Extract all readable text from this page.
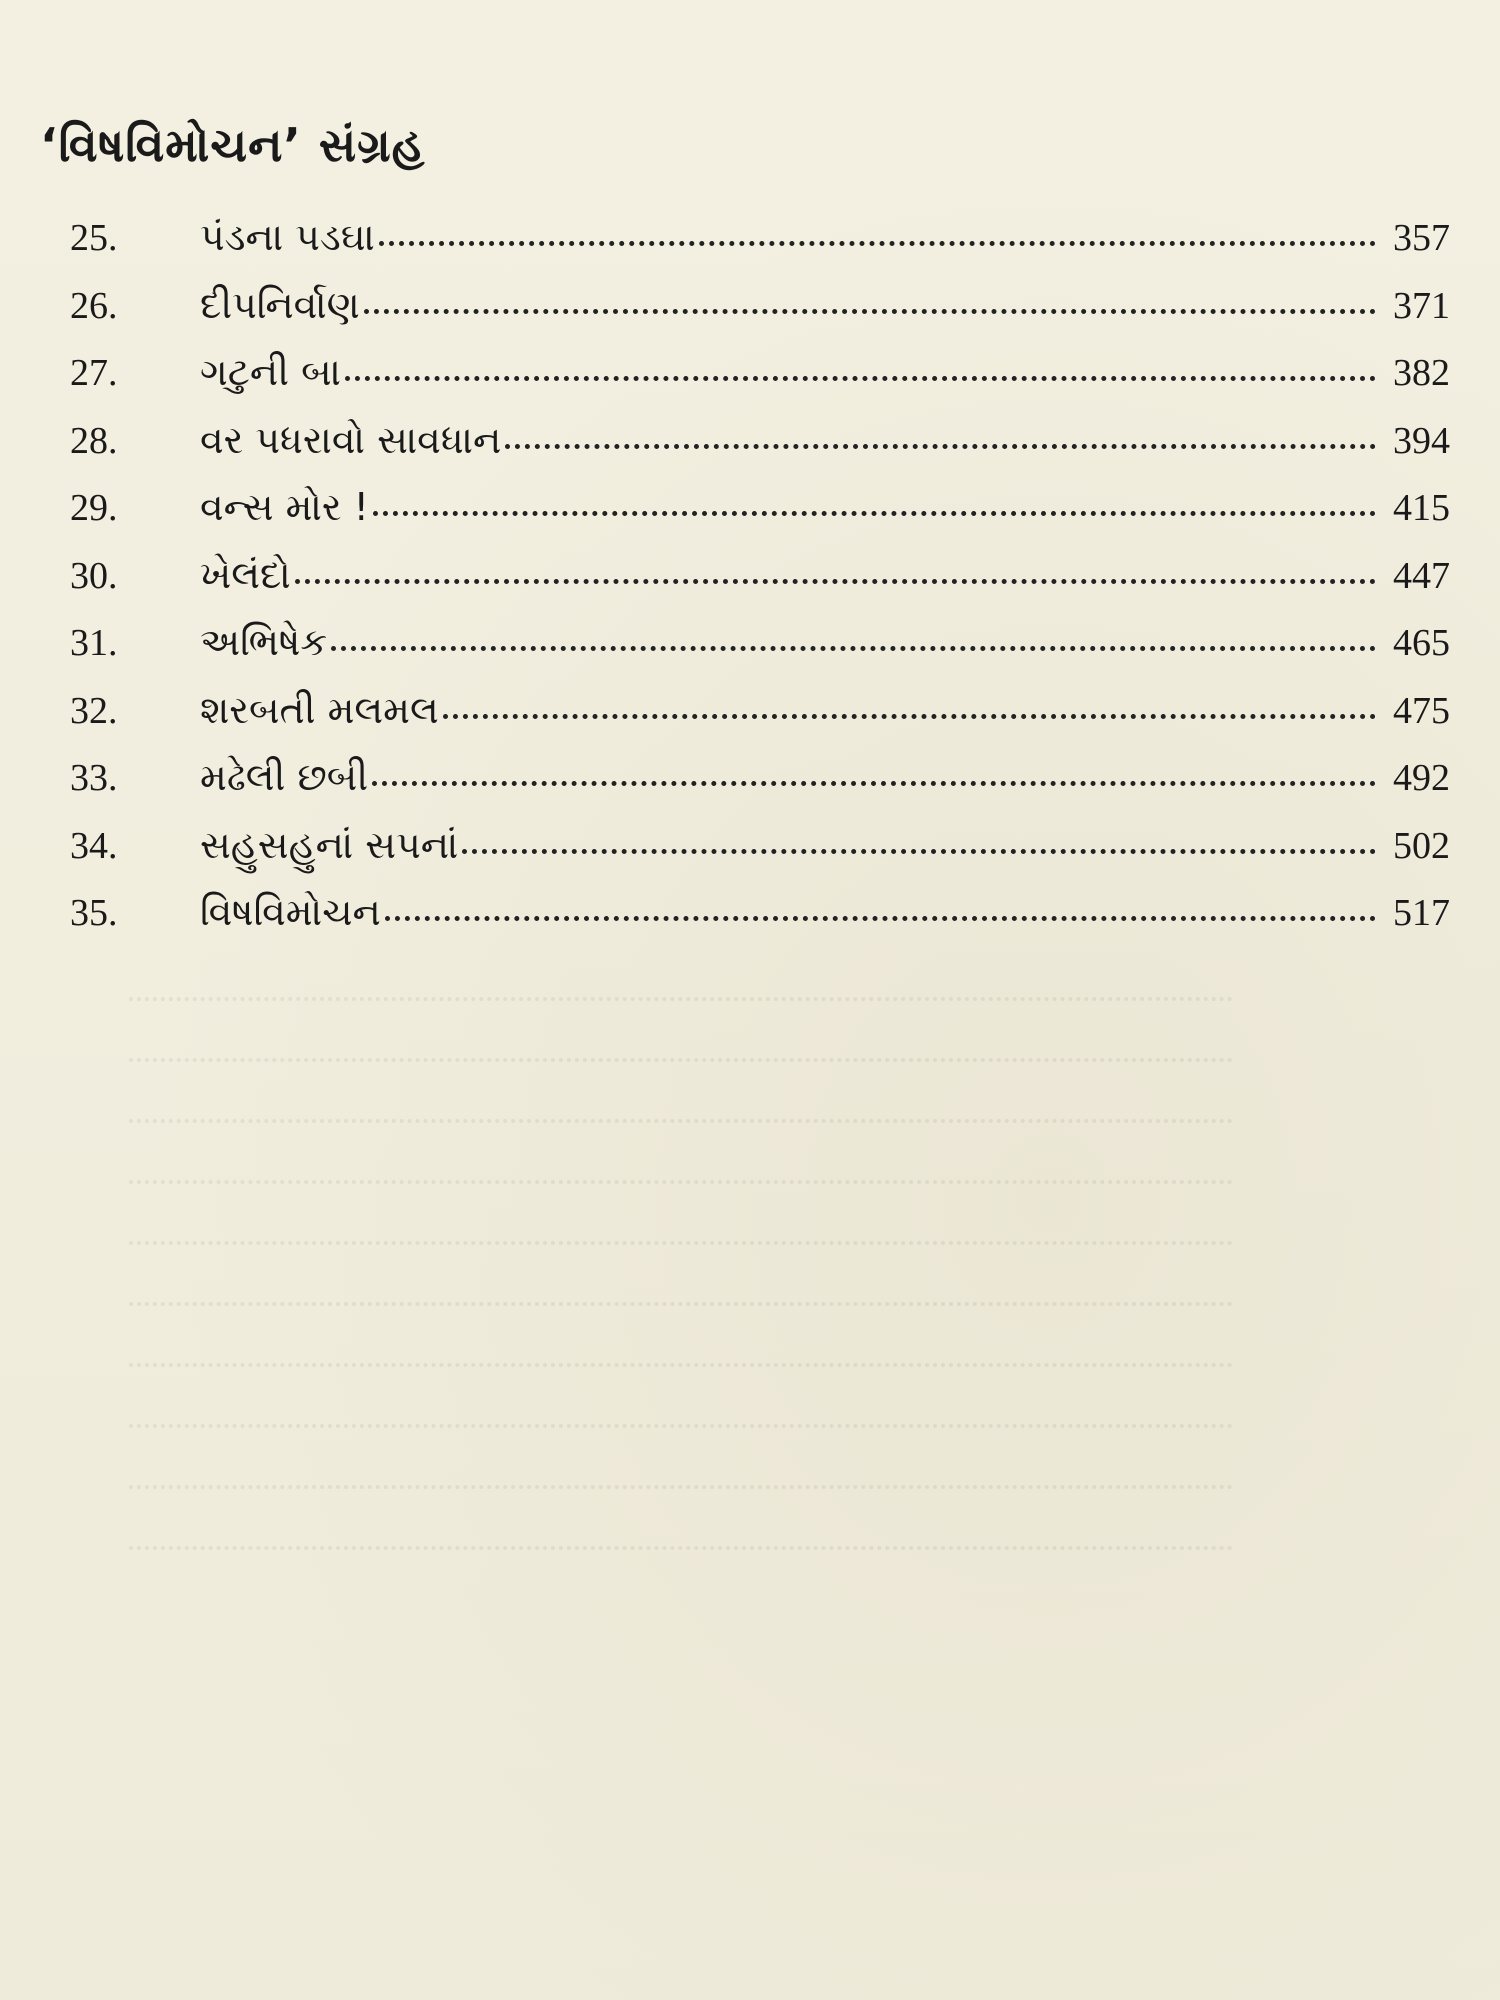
‘વિષવિમોચન’ સંગ્રહ
25.	પંડના પડઘા	357
26.	દીપનિર્વાણ	371
27.	ગટુની બા	382
28.	વર પધરાવો સાવધાન	394
29.	વન્સ મોર !	415
30.	ખેલંદો	447
31.	અભિષેક	465
32.	શરબતી મલમલ	475
33.	મઢેલી છબી	492
34.	સહુસહુનાં સપનાં	502
35.	વિષવિમોચન	517
